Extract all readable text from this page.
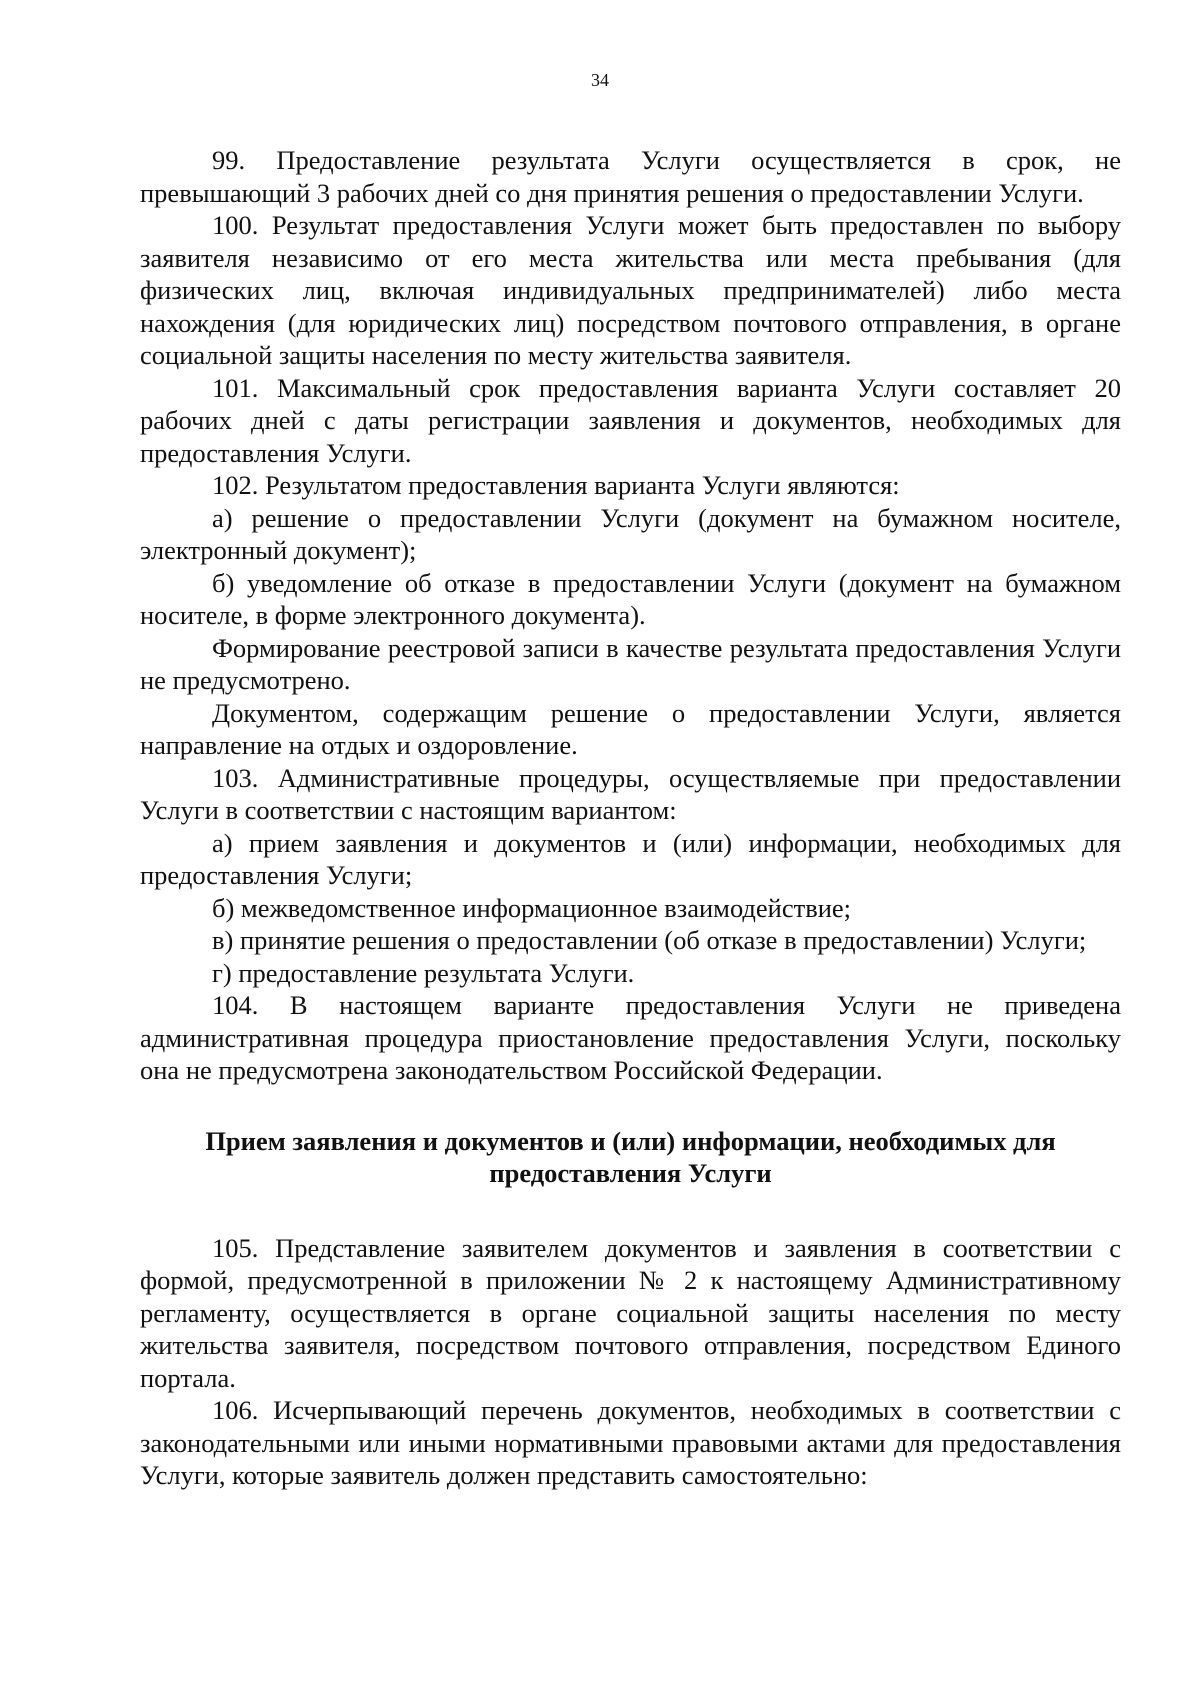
34

99. Предоставление результата Услуги осуществляется в срок, не превышающий 3 рабочих дней со дня принятия решения о предоставлении Услуги.

100. Результат предоставления Услуги может быть предоставлен по выбору заявителя независимо от его места жительства или места пребывания (для физических лиц, включая индивидуальных предпринимателей) либо места нахождения (для юридических лиц) посредством почтового отправления, в органе социальной защиты населения по месту жительства заявителя.

101. Максимальный срок предоставления варианта Услуги составляет 20 рабочих дней с даты регистрации заявления и документов, необходимых для предоставления Услуги.

102. Результатом предоставления варианта Услуги являются:

а) решение о предоставлении Услуги (документ на бумажном носителе, электронный документ);

б) уведомление об отказе в предоставлении Услуги (документ на бумажном носителе, в форме электронного документа).

Формирование реестровой записи в качестве результата предоставления Услуги не предусмотрено.

Документом, содержащим решение о предоставлении Услуги, является направление на отдых и оздоровление.

103. Административные процедуры, осуществляемые при предоставлении Услуги в соответствии с настоящим вариантом:

а) прием заявления и документов и (или) информации, необходимых для предоставления Услуги;

б) межведомственное информационное взаимодействие;

в) принятие решения о предоставлении (об отказе в предоставлении) Услуги;

г) предоставление результата Услуги.

104. В настоящем варианте предоставления Услуги не приведена административная процедура приостановление предоставления Услуги, поскольку она не предусмотрена законодательством Российской Федерации.

Прием заявления и документов и (или) информации, необходимых для
предоставления Услуги

105. Представление заявителем документов и заявления в соответствии с формой, предусмотренной в приложении № 2 к настоящему Административному регламенту, осуществляется в органе социальной защиты населения по месту жительства заявителя, посредством почтового отправления, посредством Единого портала.

106. Исчерпывающий перечень документов, необходимых в соответствии с законодательными или иными нормативными правовыми актами для предоставления Услуги, которые заявитель должен представить самостоятельно:
